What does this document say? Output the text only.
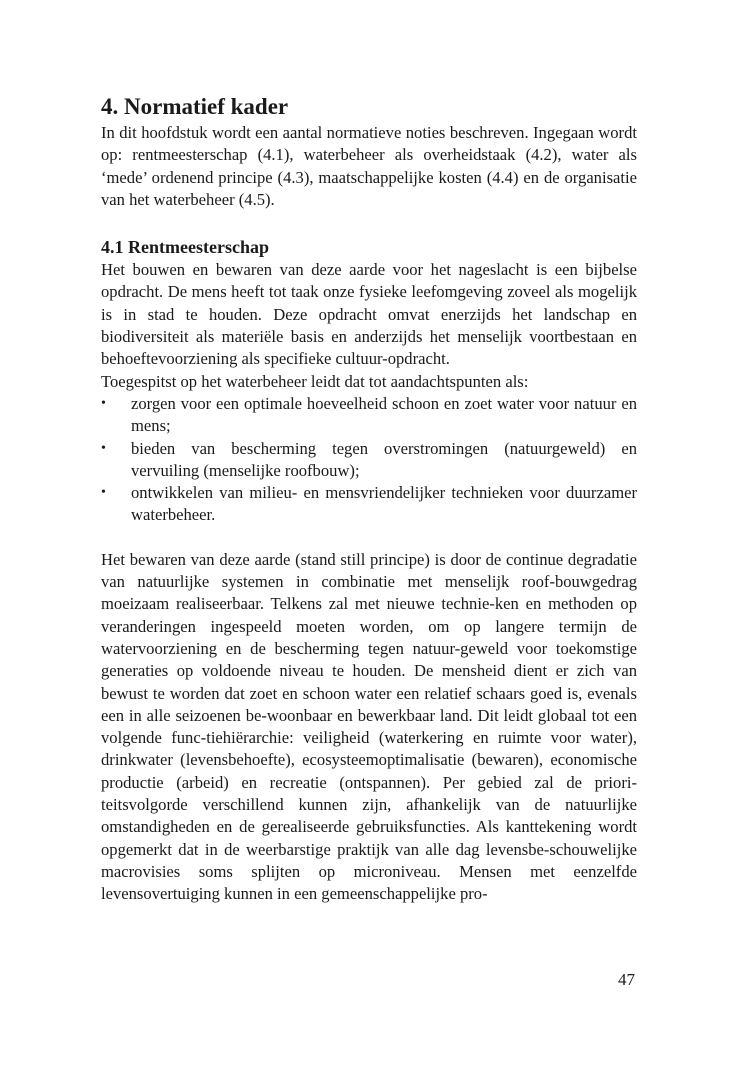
4. Normatief kader

In dit hoofdstuk wordt een aantal normatieve noties beschreven. Ingegaan wordt op: rentmeesterschap (4.1), waterbeheer als overheidstaak (4.2), water als ‘mede’ ordenend principe (4.3), maatschappelijke kosten (4.4) en de organisatie van het waterbeheer (4.5).

4.1 Rentmeesterschap

Het bouwen en bewaren van deze aarde voor het nageslacht is een bijbelse opdracht. De mens heeft tot taak onze fysieke leefomgeving zoveel als mogelijk is in stad te houden. Deze opdracht omvat enerzijds het landschap en biodiversiteit als materiële basis en anderzijds het menselijk voortbestaan en behoeftevoorziening als specifieke cultuur-opdracht.

Toegespitst op het waterbeheer leidt dat tot aandachtspunten als:

• zorgen voor een optimale hoeveelheid schoon en zoet water voor natuur en mens;
• bieden van bescherming tegen overstromingen (natuurgeweld) en vervuiling (menselijke roofbouw);
• ontwikkelen van milieu- en mensvriendelijker technieken voor duurzamer waterbeheer.

Het bewaren van deze aarde (stand still principe) is door de continue degradatie van natuurlijke systemen in combinatie met menselijk roof-bouwgedrag moeizaam realiseerbaar. Telkens zal met nieuwe technie-ken en methoden op veranderingen ingespeeld moeten worden, om op langere termijn de watervoorziening en de bescherming tegen natuur-geweld voor toekomstige generaties op voldoende niveau te houden. De mensheid dient er zich van bewust te worden dat zoet en schoon water een relatief schaars goed is, evenals een in alle seizoenen be-woonbaar en bewerkbaar land. Dit leidt globaal tot een volgende func-tiehiërarchie: veiligheid (waterkering en ruimte voor water), drinkwater (levensbehoefte), ecosysteemoptimalisatie (bewaren), economische productie (arbeid) en recreatie (ontspannen). Per gebied zal de priori-teitsvolgorde verschillend kunnen zijn, afhankelijk van de natuurlijke omstandigheden en de gerealiseerde gebruiksfuncties. Als kanttekening wordt opgemerkt dat in de weerbarstige praktijk van alle dag levensbe-schouwelijke macrovisies soms splijten op microniveau. Mensen met eenzelfde levensovertuiging kunnen in een gemeenschappelijke pro-

47
